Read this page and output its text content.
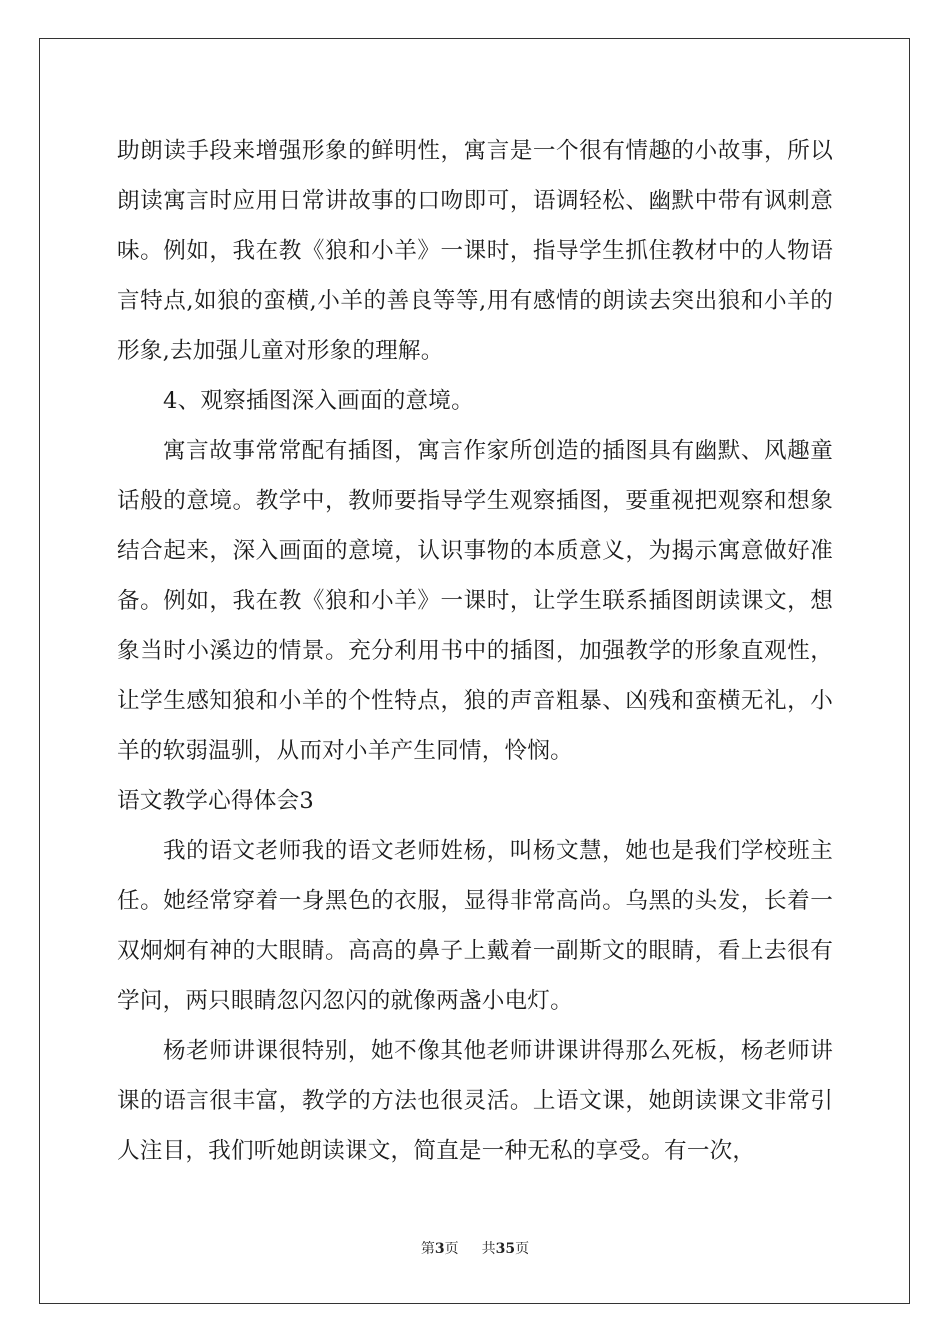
助朗读手段来增强形象的鲜明性，寓言是一个很有情趣的小故事，所以朗读寓言时应用日常讲故事的口吻即可，语调轻松、幽默中带有讽刺意味。例如，我在教《狼和小羊》一课时，指导学生抓住教材中的人物语言特点,如狼的蛮横,小羊的善良等等,用有感情的朗读去突出狼和小羊的形象,去加强儿童对形象的理解。

4、观察插图深入画面的意境。

寓言故事常常配有插图，寓言作家所创造的插图具有幽默、风趣童话般的意境。教学中，教师要指导学生观察插图，要重视把观察和想象结合起来，深入画面的意境，认识事物的本质意义，为揭示寓意做好准备。例如，我在教《狼和小羊》一课时，让学生联系插图朗读课文，想象当时小溪边的情景。充分利用书中的插图，加强教学的形象直观性，让学生感知狼和小羊的个性特点，狼的声音粗暴、凶残和蛮横无礼，小羊的软弱温驯，从而对小羊产生同情，怜悯。

语文教学心得体会3

我的语文老师我的语文老师姓杨，叫杨文慧，她也是我们学校班主任。她经常穿着一身黑色的衣服，显得非常高尚。乌黑的头发，长着一双炯炯有神的大眼睛。高高的鼻子上戴着一副斯文的眼睛，看上去很有学问，两只眼睛忽闪忽闪的就像两盏小电灯。

杨老师讲课很特别，她不像其他老师讲课讲得那么死板，杨老师讲课的语言很丰富，教学的方法也很灵活。上语文课，她朗读课文非常引人注目，我们听她朗读课文，简直是一种无私的享受。有一次，

第3页 共35页
